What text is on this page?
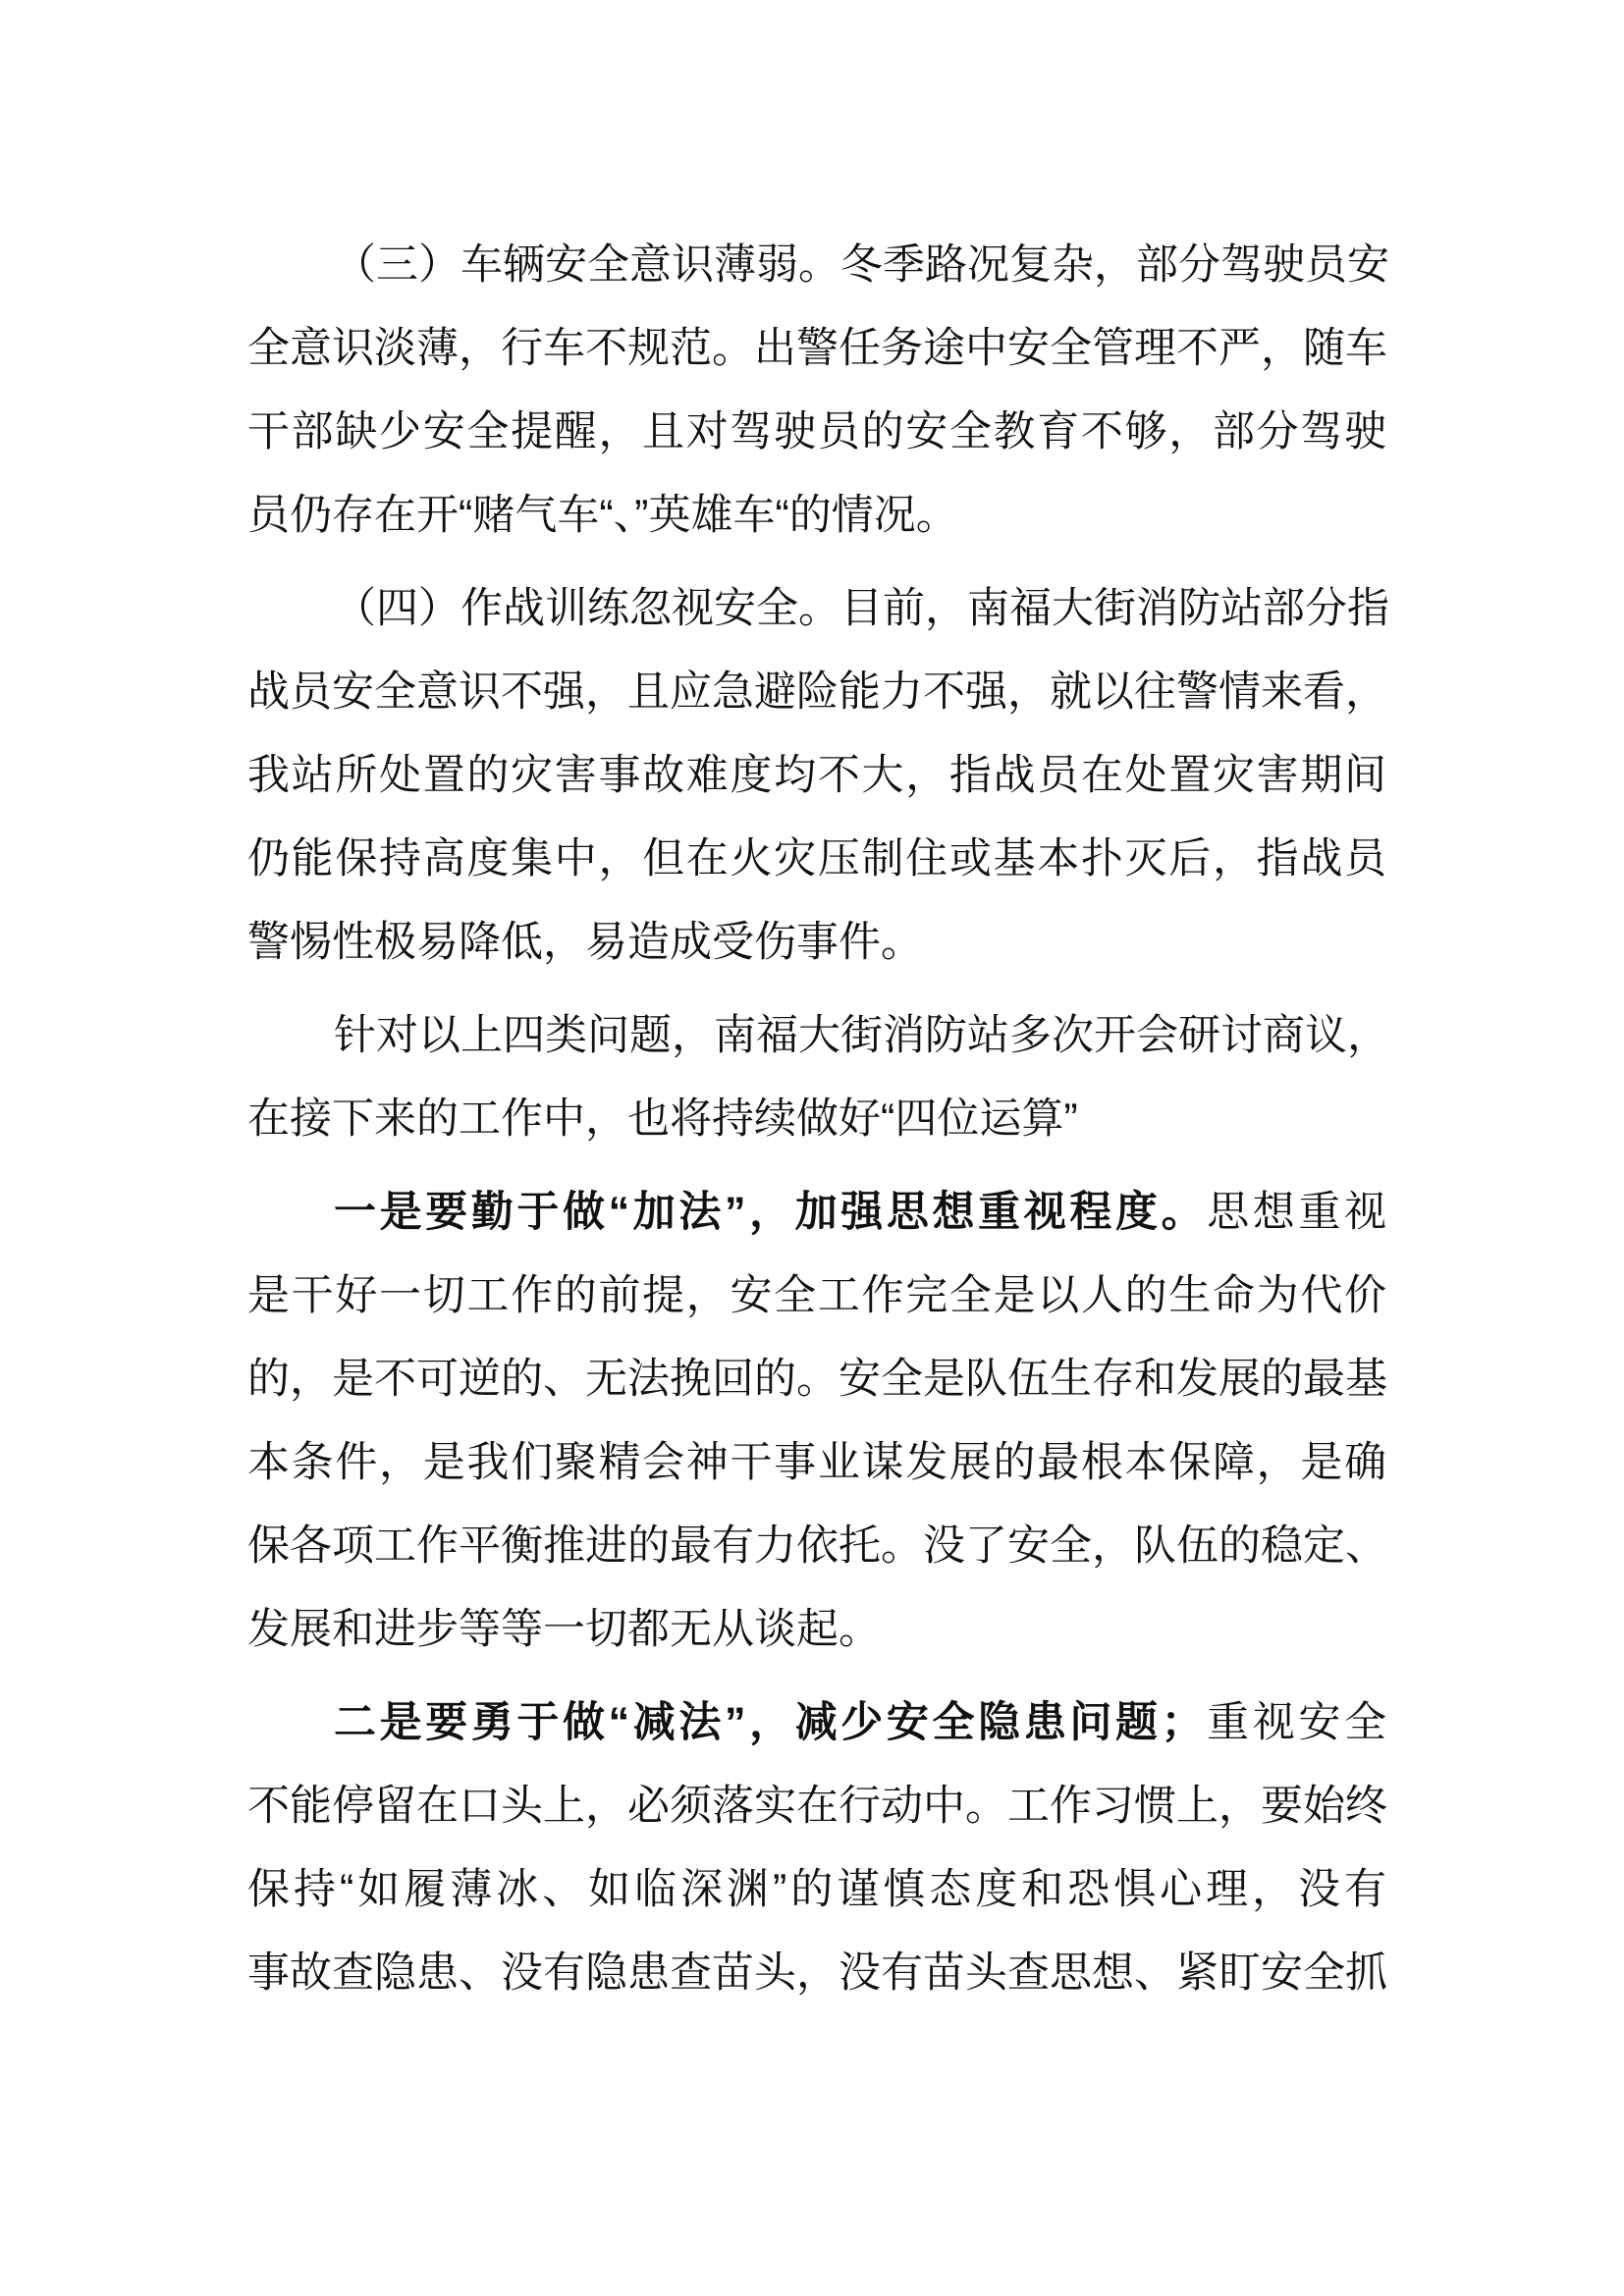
（三）车辆安全意识薄弱。冬季路况复杂，部分驾驶员安
全意识淡薄，行车不规范。出警任务途中安全管理不严，随车
干部缺少安全提醒，且对驾驶员的安全教育不够，部分驾驶
员仍存在开“赌气车“、”英雄车“的情况。
（四）作战训练忽视安全。目前，南福大街消防站部分指
战员安全意识不强，且应急避险能力不强，就以往警情来看，
我站所处置的灾害事故难度均不大，指战员在处置灾害期间
仍能保持高度集中，但在火灾压制住或基本扑灭后，指战员
警惕性极易降低，易造成受伤事件。
针对以上四类问题，南福大街消防站多次开会研讨商议，
在接下来的工作中，也将持续做好“四位运算”
一是要勤于做“加法”，加强思想重视程度。思想重视
是干好一切工作的前提，安全工作完全是以人的生命为代价
的，是不可逆的、无法挽回的。安全是队伍生存和发展的最基
本条件，是我们聚精会神干事业谋发展的最根本保障，是确
保各项工作平衡推进的最有力依托。没了安全，队伍的稳定、
发展和进步等等一切都无从谈起。
二是要勇于做“减法”，减少安全隐患问题；重视安全
不能停留在口头上，必须落实在行动中。工作习惯上，要始终
保持“如履薄冰、如临深渊”的谨慎态度和恐惧心理，没有
事故查隐患、没有隐患查苗头，没有苗头查思想、紧盯安全抓
